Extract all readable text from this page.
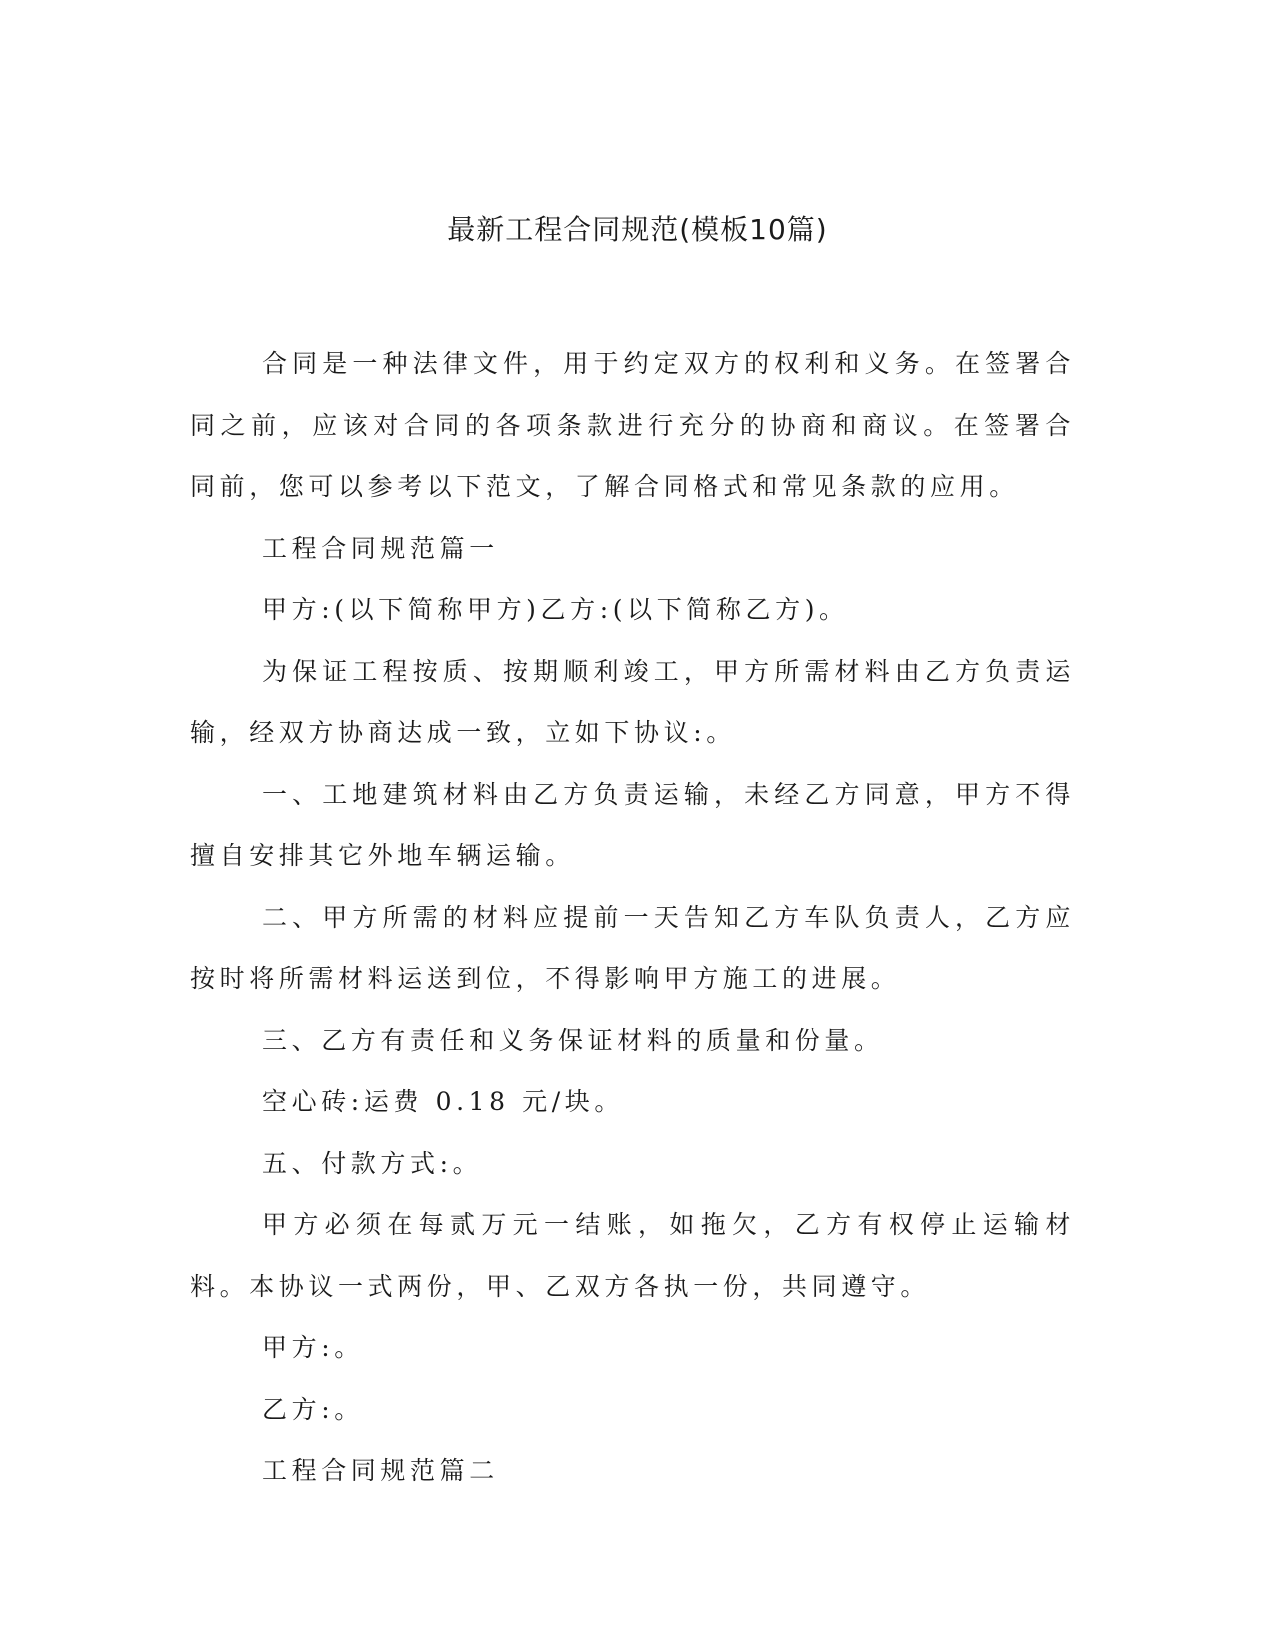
最新工程合同规范(模板10篇)

合同是一种法律文件，用于约定双方的权利和义务。在签署合同之前，应该对合同的各项条款进行充分的协商和商议。在签署合同前，您可以参考以下范文，了解合同格式和常见条款的应用。

工程合同规范篇一

甲方:(以下简称甲方)乙方:(以下简称乙方)。

为保证工程按质、按期顺利竣工，甲方所需材料由乙方负责运输，经双方协商达成一致，立如下协议:。

一、工地建筑材料由乙方负责运输，未经乙方同意，甲方不得擅自安排其它外地车辆运输。

二、甲方所需的材料应提前一天告知乙方车队负责人，乙方应按时将所需材料运送到位，不得影响甲方施工的进展。

三、乙方有责任和义务保证材料的质量和份量。

空心砖:运费 0.18 元/块。

五、付款方式:。

甲方必须在每贰万元一结账，如拖欠，乙方有权停止运输材料。本协议一式两份，甲、乙双方各执一份，共同遵守。

甲方:。

乙方:。

工程合同规范篇二
